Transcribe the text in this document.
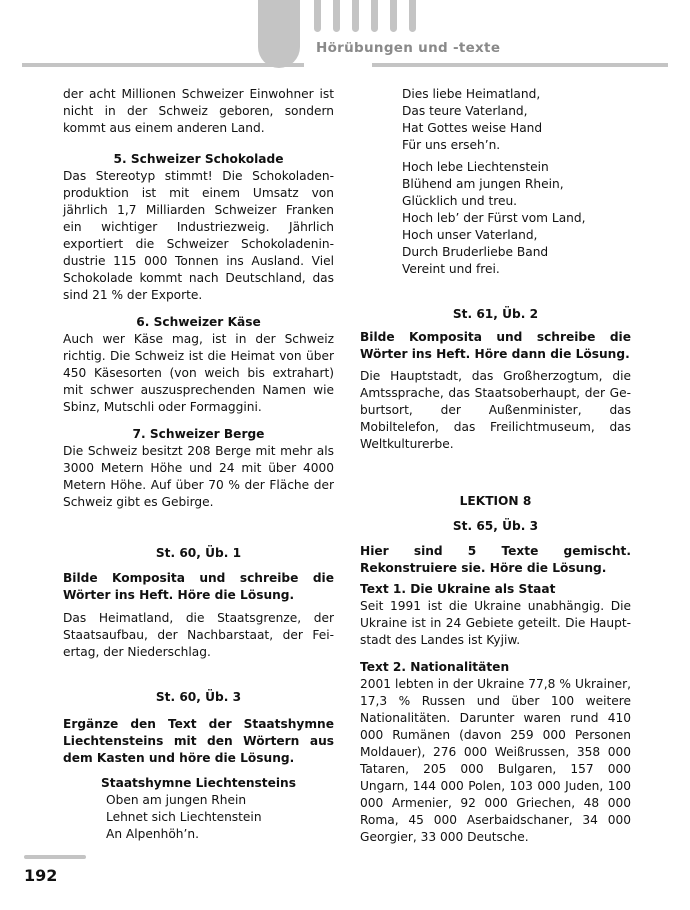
Hörübungen und -texte
der acht Millionen Schweizer Einwohner ist nicht in der Schweiz geboren, sondern kommt aus einem anderen Land.
5. Schweizer Schokolade
Das Stereotyp stimmt! Die Schokoladenproduktion ist mit einem Umsatz von jährlich 1,7 Milliarden Schweizer Franken ein wichtiger Industriezweig. Jährlich exportiert die Schweizer Schokoladenindustrie 115 000 Tonnen ins Ausland. Viel Schokolade kommt nach Deutschland, das sind 21 % der Exporte.
6. Schweizer Käse
Auch wer Käse mag, ist in der Schweiz richtig. Die Schweiz ist die Heimat von über 450 Käsesorten (von weich bis extrahart) mit schwer auszusprechenden Namen wie Sbinz, Mutschli oder Formaggini.
7. Schweizer Berge
Die Schweiz besitzt 208 Berge mit mehr als 3000 Metern Höhe und 24 mit über 4000 Metern Höhe. Auf über 70 % der Fläche der Schweiz gibt es Gebirge.
St. 60, Üb. 1
Bilde Komposita und schreibe die Wörter ins Heft. Höre die Lösung.
Das Heimatland, die Staatsgrenze, der Staatsaufbau, der Nachbarstaat, der Feiertag, der Niederschlag.
St. 60, Üb. 3
Ergänze den Text der Staatshymne Liechtensteins mit den Wörtern aus dem Kasten und höre die Lösung.
Staatshymne Liechtensteins
Oben am jungen Rhein
Lehnet sich Liechtenstein
An Alpenhöh’n.
Dies liebe Heimatland,
Das teure Vaterland,
Hat Gottes weise Hand
Für uns erseh’n.
Hoch lebe Liechtenstein
Blühend am jungen Rhein,
Glücklich und treu.
Hoch leb’ der Fürst vom Land,
Hoch unser Vaterland,
Durch Bruderliebe Band
Vereint und frei.
St. 61, Üb. 2
Bilde Komposita und schreibe die Wörter ins Heft. Höre dann die Lösung.
Die Hauptstadt, das Großherzogtum, die Amtssprache, das Staatsoberhaupt, der Geburtsort, der Außenminister, das Mobiltelefon, das Freilichtmuseum, das Weltkulturerbe.
LEKTION 8
St. 65, Üb. 3
Hier sind 5 Texte gemischt. Rekonstruiere sie. Höre die Lösung.
Text 1. Die Ukraine als Staat
Seit 1991 ist die Ukraine unabhängig. Die Ukraine ist in 24 Gebiete geteilt. Die Hauptstadt des Landes ist Kyjiw.
Text 2. Nationalitäten
2001 lebten in der Ukraine 77,8 % Ukrainer, 17,3 % Russen und über 100 weitere Nationalitäten. Darunter waren rund 410 000 Rumänen (davon 259 000 Personen Moldauer), 276 000 Weißrussen, 358 000 Tataren, 205 000 Bulgaren, 157 000 Ungarn, 144 000 Polen, 103 000 Juden, 100 000 Armenier, 92 000 Griechen, 48 000 Roma, 45 000 Aserbaidschaner, 34 000 Georgier, 33 000 Deutsche.
192
